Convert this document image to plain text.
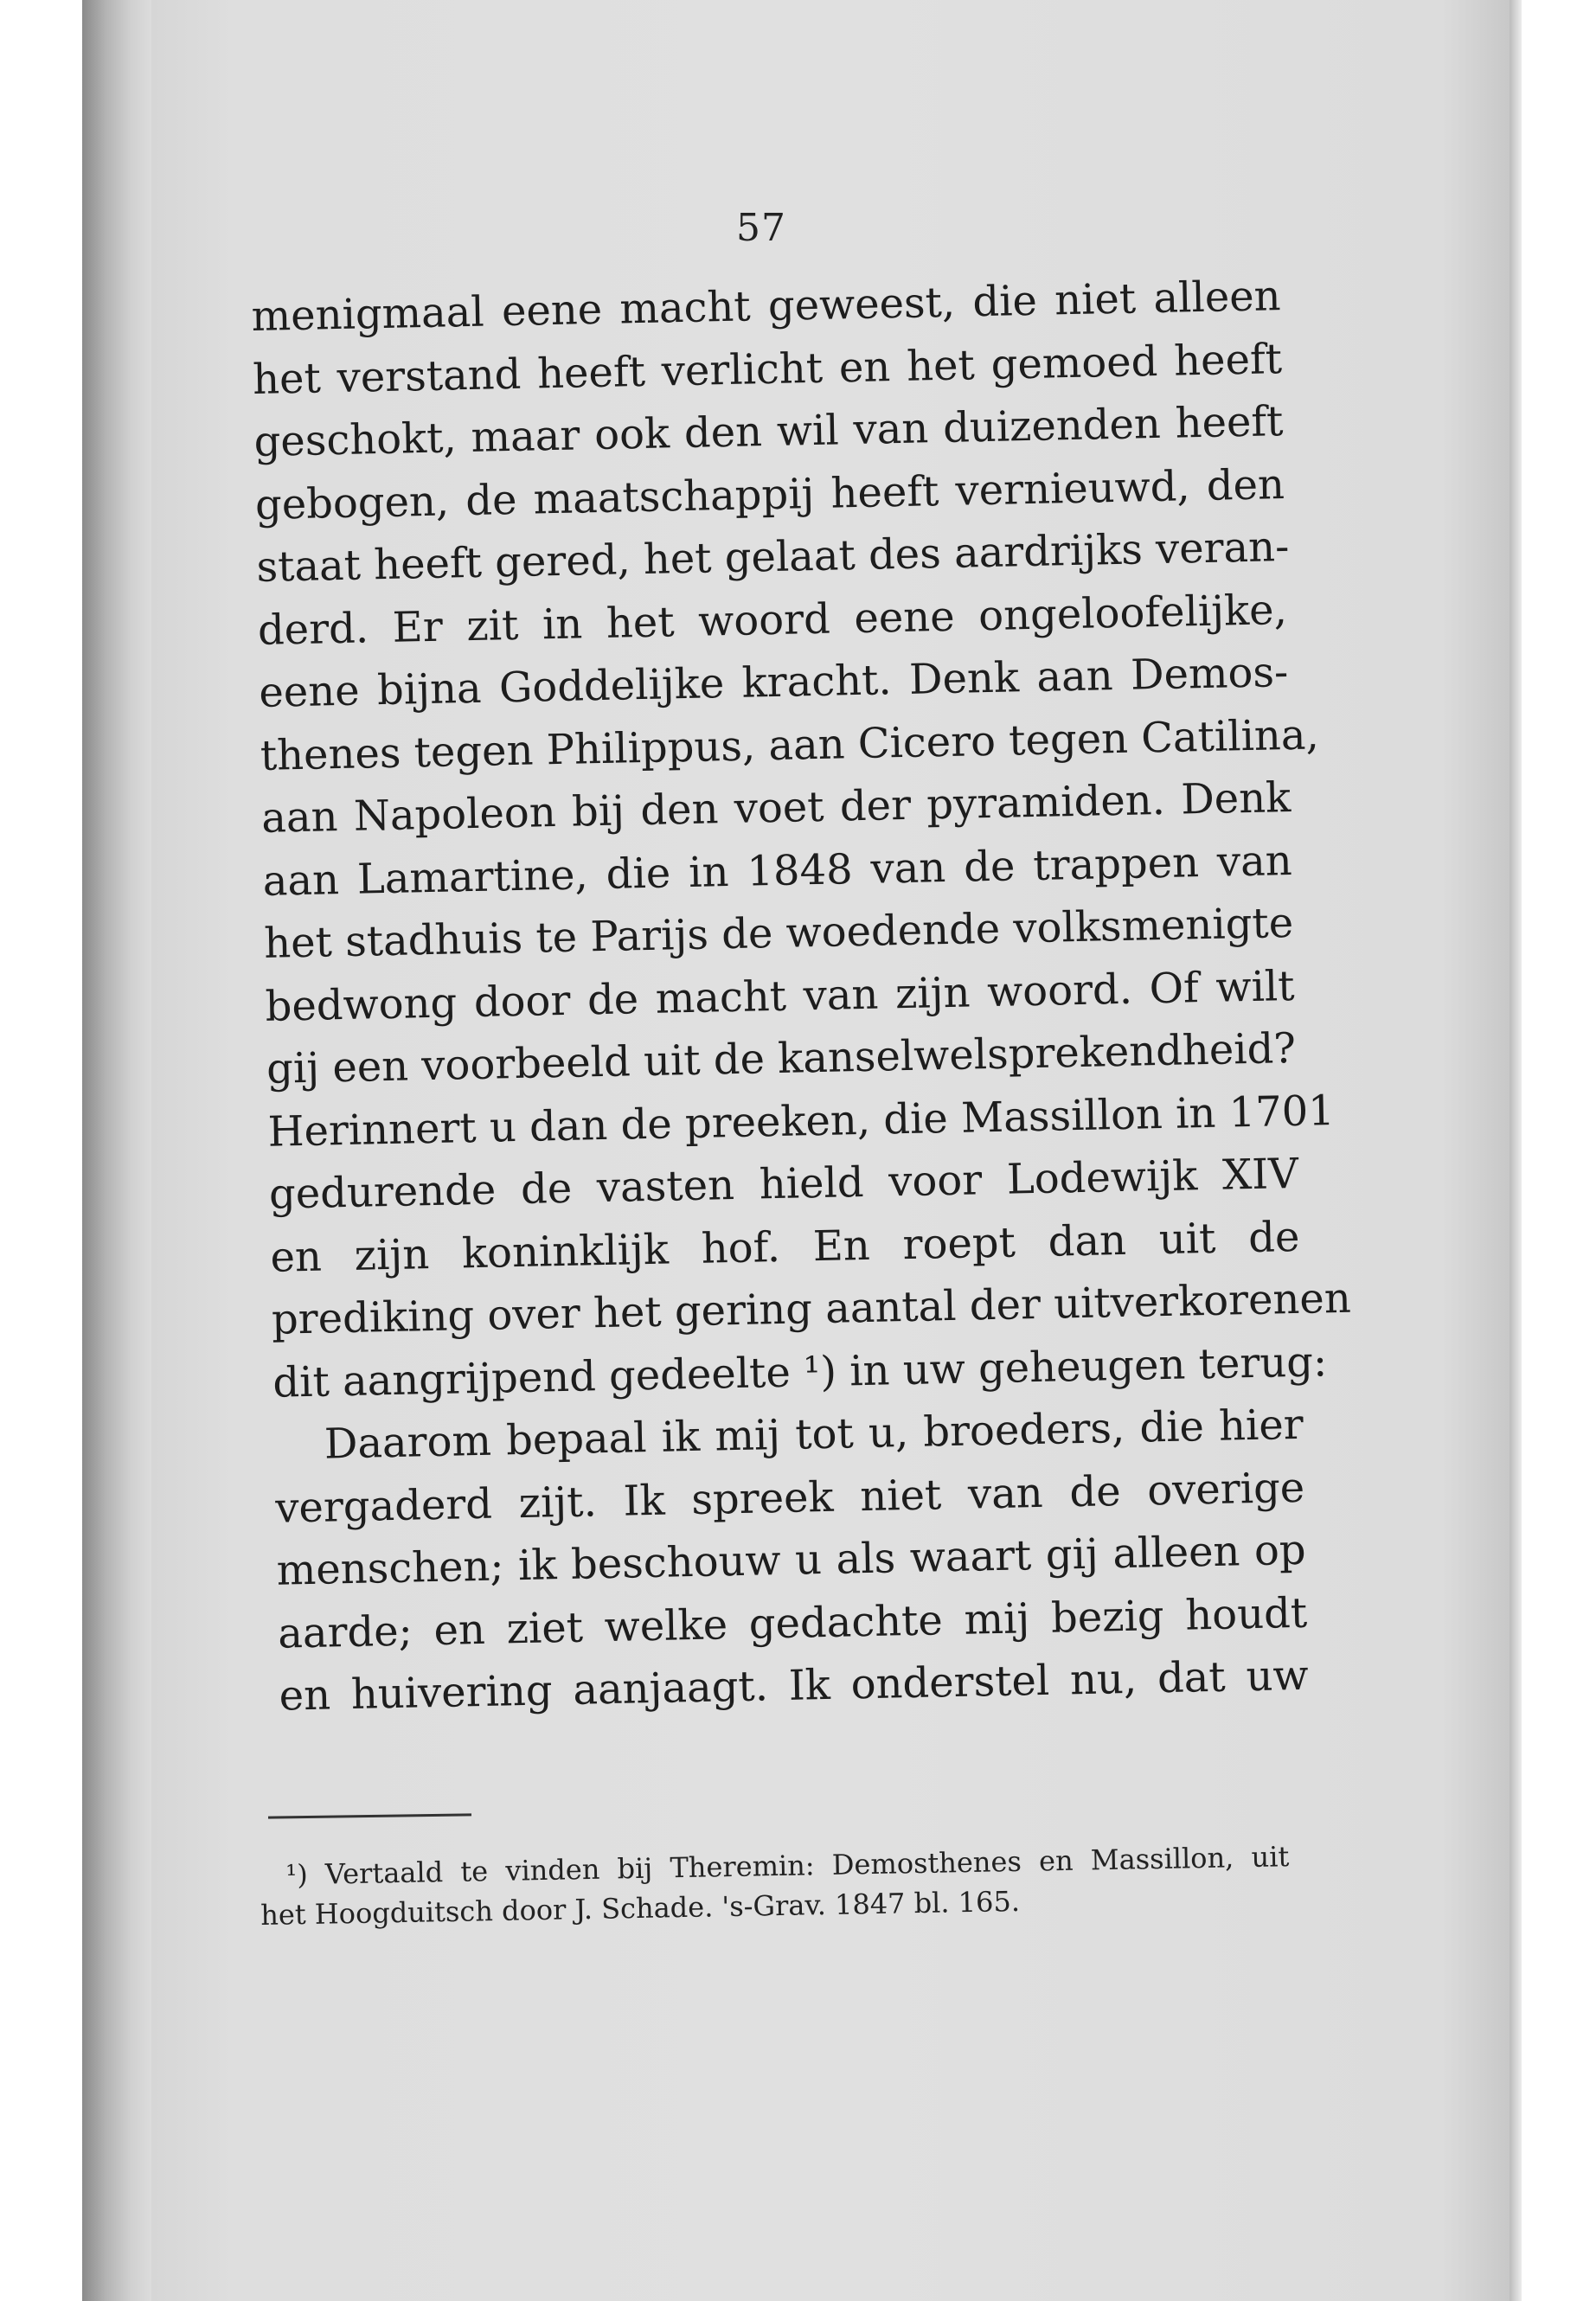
57
menigmaal eene macht geweest, die niet alleen
het verstand heeft verlicht en het gemoed heeft
geschokt, maar ook den wil van duizenden heeft
gebogen, de maatschappij heeft vernieuwd, den
staat heeft gered, het gelaat des aardrijks veran-
derd. Er zit in het woord eene ongeloofelijke,
eene bijna Goddelijke kracht. Denk aan Demos-
thenes tegen Philippus, aan Cicero tegen Catilina,
aan Napoleon bij den voet der pyramiden. Denk
aan Lamartine, die in 1848 van de trappen van
het stadhuis te Parijs de woedende volksmenigte
bedwong door de macht van zijn woord. Of wilt
gij een voorbeeld uit de kanselwelsprekendheid?
Herinnert u dan de preeken, die Massillon in 1701
gedurende de vasten hield voor Lodewijk XIV
en zijn koninklijk hof. En roept dan uit de
prediking over het gering aantal der uitverkorenen
dit aangrijpend gedeelte ¹) in uw geheugen terug:
Daarom bepaal ik mij tot u, broeders, die hier
vergaderd zijt. Ik spreek niet van de overige
menschen; ik beschouw u als waart gij alleen op
aarde; en ziet welke gedachte mij bezig houdt
en huivering aanjaagt. Ik onderstel nu, dat uw
¹) Vertaald te vinden bij Theremin: Demosthenes en Massillon, uit
het Hoogduitsch door J. Schade. 's-Grav. 1847 bl. 165.
